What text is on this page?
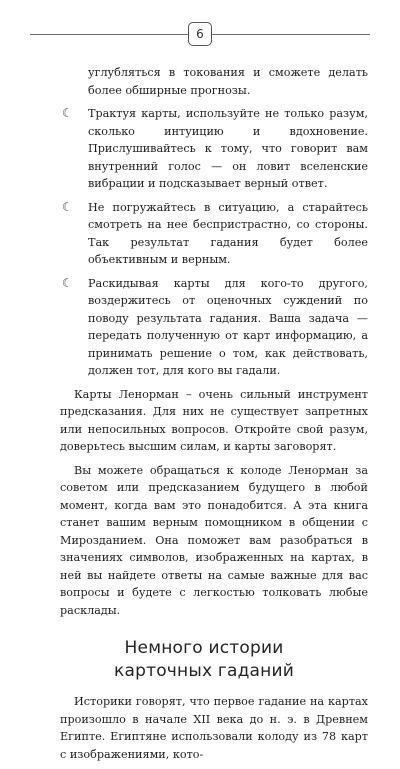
6

углубляться в токования и сможете делать более обширные прогнозы.

☾ Трактуя карты, используйте не только разум, сколько интуицию и вдохновение. Прислушивайтесь к тому, что говорит вам внутренний голос — он ловит вселенские вибрации и подсказывает верный ответ.
☾ Не погружайтесь в ситуацию, а старайтесь смотреть на нее беспристрастно, со стороны. Так результат гадания будет более объективным и верным.
☾ Раскидывая карты для кого-то другого, воздержитесь от оценочных суждений по поводу результата гадания. Ваша задача — передать полученную от карт информацию, а принимать решение о том, как действовать, должен тот, для кого вы гадали.

Карты Ленорман – очень сильный инструмент предсказания. Для них не существует запретных или непосильных вопросов. Откройте свой разум, доверьтесь высшим силам, и карты заговорят.

Вы можете обращаться к колоде Ленорман за советом или предсказанием будущего в любой момент, когда вам это понадобится. А эта книга станет вашим верным помощником в общении с Мирозданием. Она поможет вам разобраться в значениях символов, изображенных на картах, в ней вы найдете ответы на самые важные для вас вопросы и будете с легкостью толковать любые расклады.

Немного истории
карточных гаданий

Историки говорят, что первое гадание на картах произошло в начале XII века до н. э. в Древнем Египте. Египтяне использовали колоду из 78 карт с изображениями, кото-
